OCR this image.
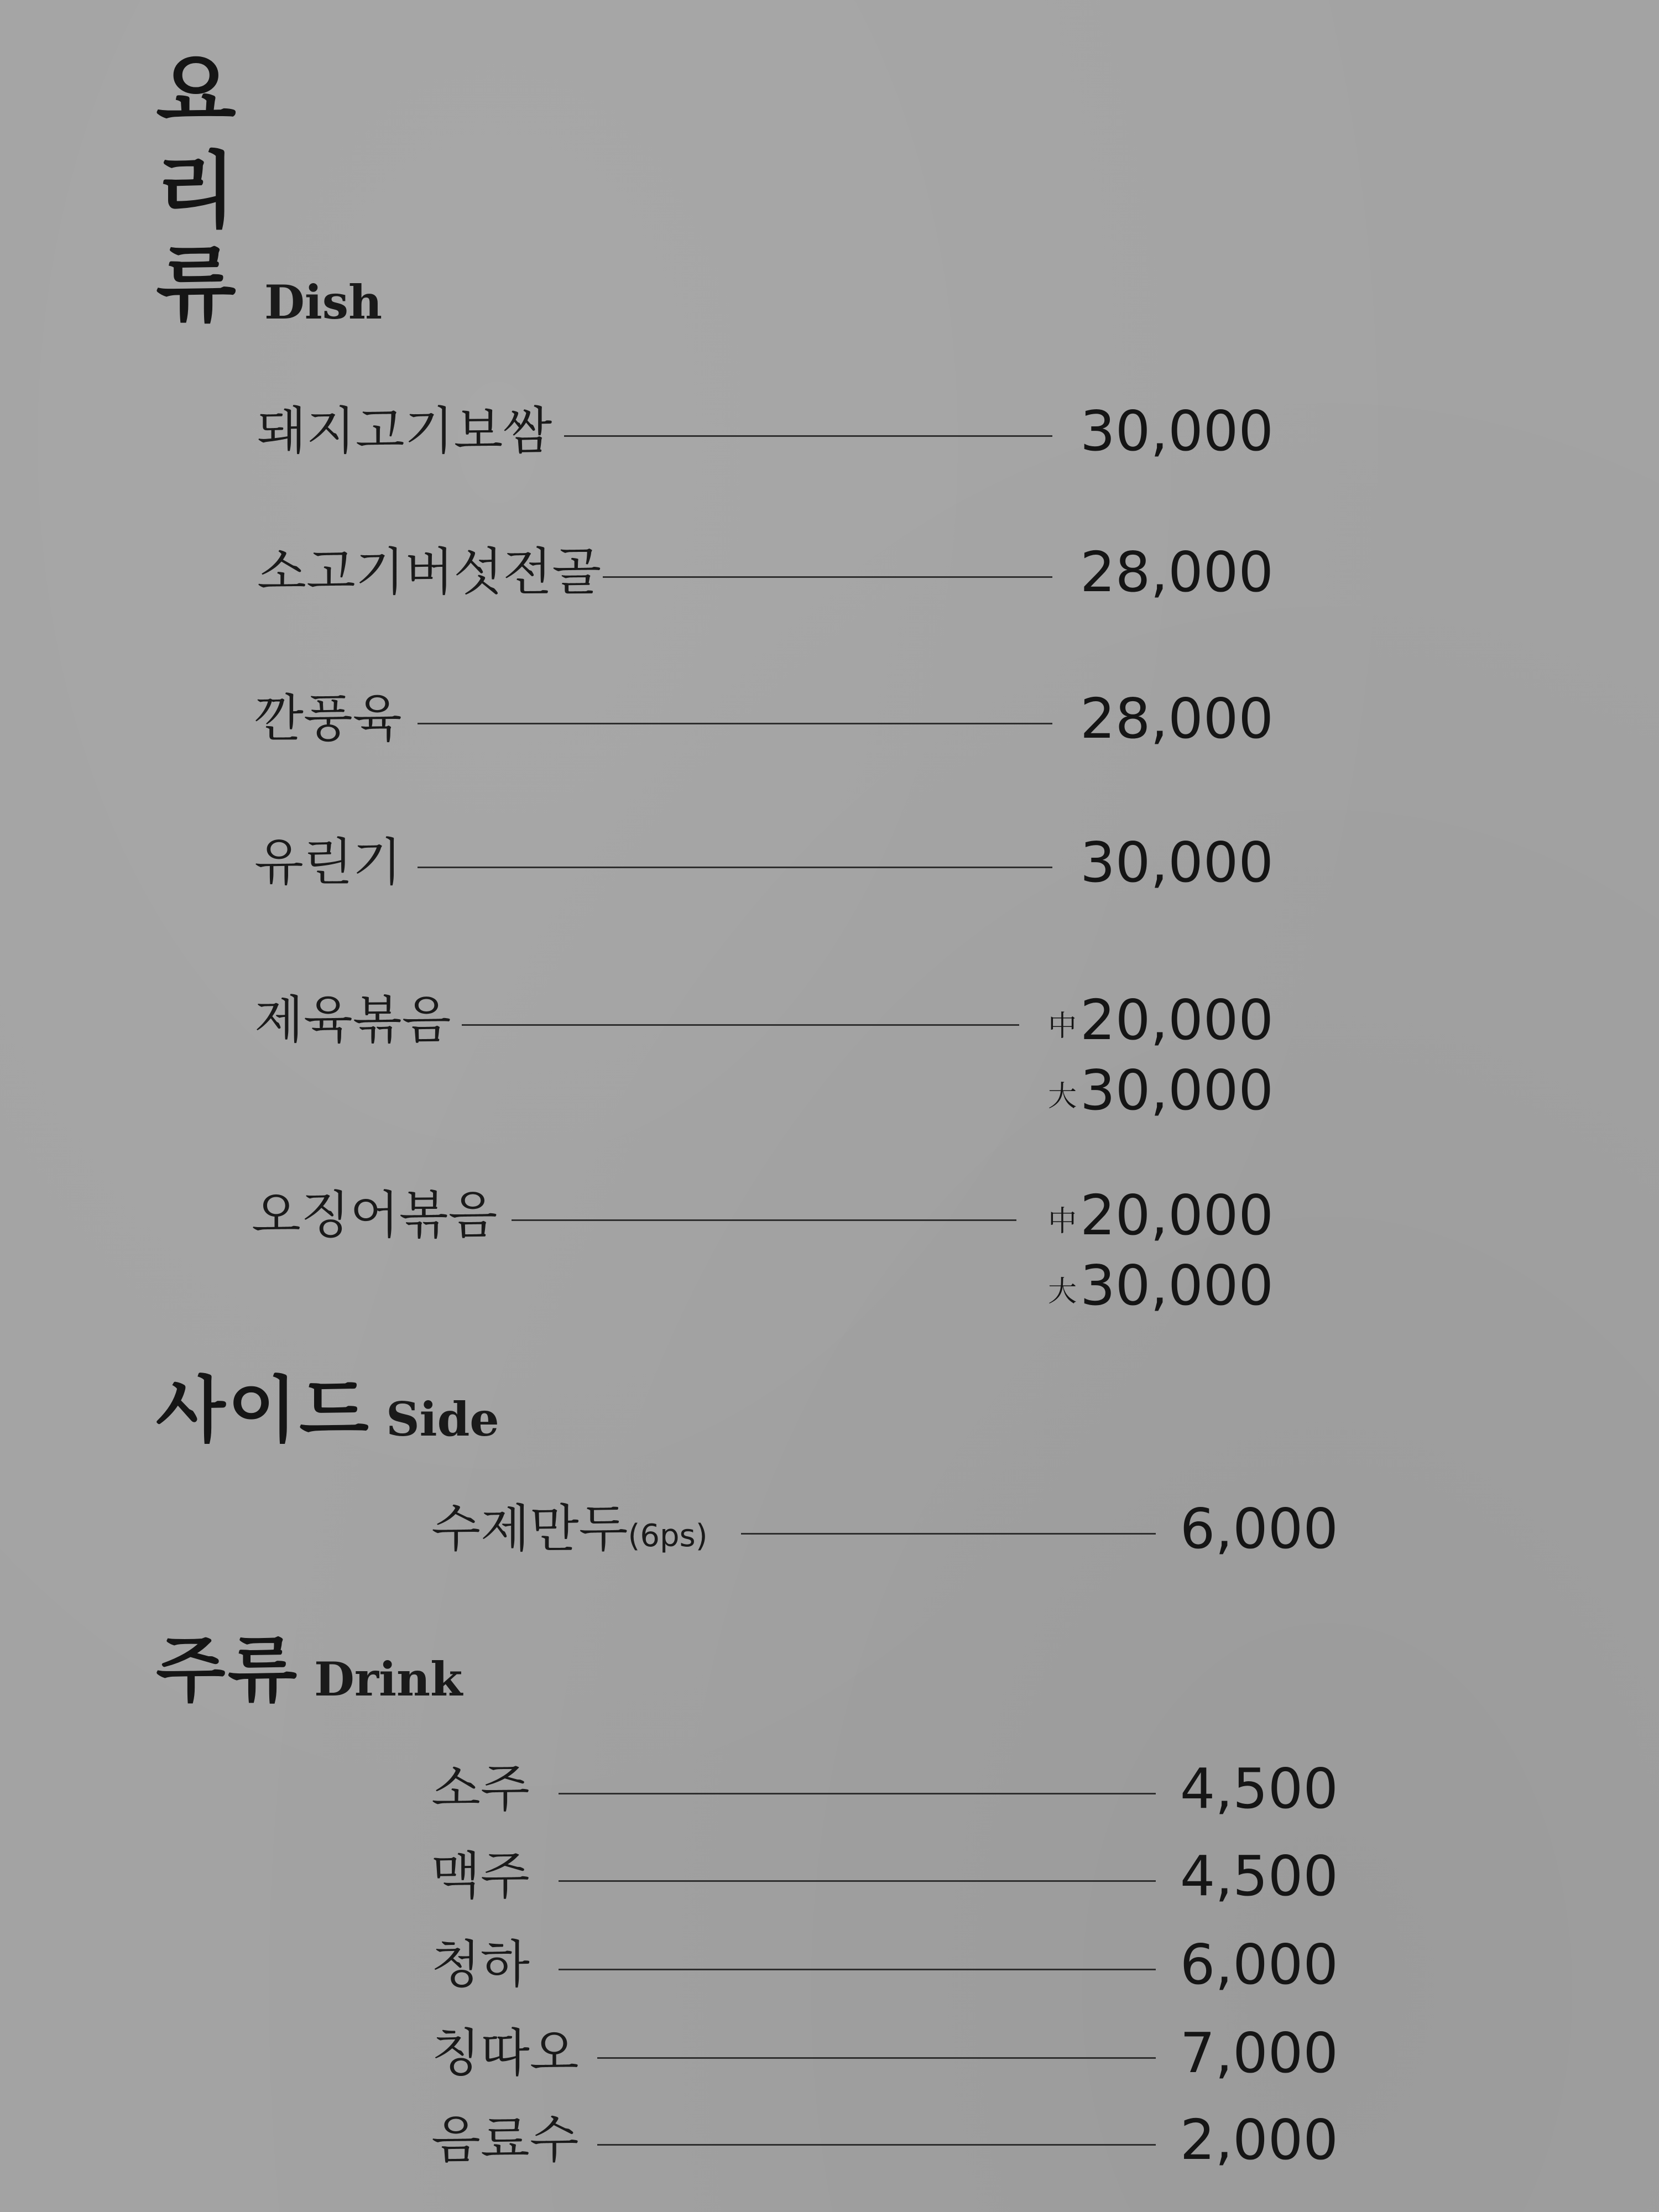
요
리
류 Dish
돼지고기보쌈	30,000
소고기버섯전골	28,000
깐풍육	28,000
유린기	30,000
제육볶음	中20,000
大30,000
오징어볶음	中20,000
大30,000
사이드 Side
수제만두(6ps)	6,000
주류 Drink
소주	4,500
맥주	4,500
청하	6,000
칭따오	7,000
음료수	2,000
